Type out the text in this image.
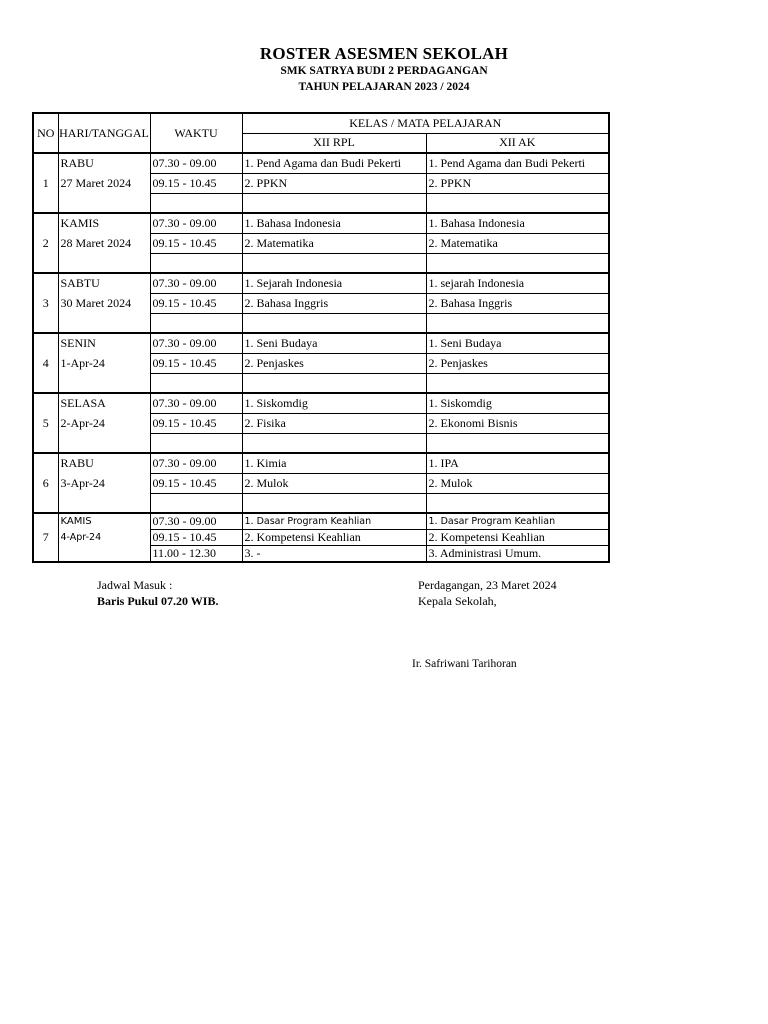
ROSTER ASESMEN SEKOLAH
SMK SATRYA BUDI 2 PERDAGANGAN
TAHUN PELAJARAN 2023 / 2024
NO	HARI/TANGGAL	WAKTU	KELAS / MATA PELAJARAN	
			XII RPL	XII AK
1	RABU	07.30 - 09.00	1. Pend Agama dan Budi Pekerti	1. Pend Agama dan Budi Pekerti
	27 Maret 2024	09.15 - 10.45	2. PPKN	2. PPKN

2	KAMIS	07.30 - 09.00	1. Bahasa Indonesia	1. Bahasa Indonesia
	28 Maret 2024	09.15 - 10.45	2. Matematika	2. Matematika

3	SABTU	07.30 - 09.00	1. Sejarah Indonesia	1. sejarah Indonesia
	30 Maret 2024	09.15 - 10.45	2. Bahasa Inggris	2. Bahasa Inggris

4	SENIN	07.30 - 09.00	1. Seni Budaya	1. Seni Budaya
	1-Apr-24	09.15 - 10.45	2. Penjaskes	2. Penjaskes

5	SELASA	07.30 - 09.00	1. Siskomdig	1. Siskomdig
	2-Apr-24	09.15 - 10.45	2. Fisika	2. Ekonomi Bisnis

6	RABU	07.30 - 09.00	1. Kimia	1. IPA
	3-Apr-24	09.15 - 10.45	2. Mulok	2. Mulok

7	KAMIS	07.30 - 09.00	1. Dasar Program Keahlian	1. Dasar Program Keahlian
	4-Apr-24	09.15 - 10.45	2. Kompetensi Keahlian	2. Kompetensi Keahlian
		11.00 - 12.30	3. -	3. Administrasi Umum.
Jadwal Masuk :
Baris Pukul 07.20 WIB.
Perdagangan, 23 Maret 2024
Kepala Sekolah,
Ir. Safriwani Tarihoran
